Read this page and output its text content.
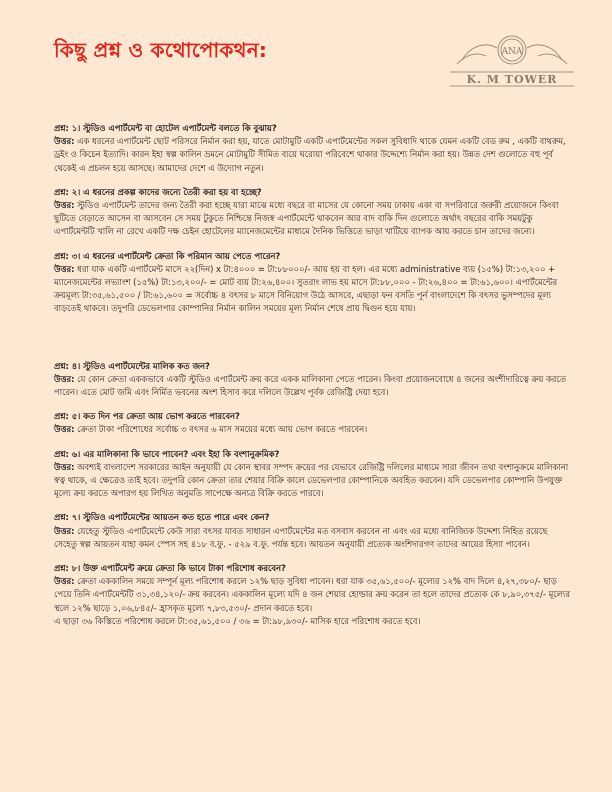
কিছু প্রশ্ন ও কথোপোকথন:	ANA
K. M TOWER

প্রশ্ন: ১। স্টুডিও এপার্টমেন্ট বা হোটেল এপার্টমেন্ট বলতে কি বুঝায়?

উত্তর: এক ধরনের এপার্টমেন্ট ছোট পরিসরে নির্মান করা হয়, যাতে মোটামুটি একটি এপার্টমেন্টের সকল সুবিধাদি থাকে যেমন একটি বেড রুম , একটি বাথরুম, ড্রইং ও কিচেন ইত্যাদি। কারন ইহা স্বল্প কালিন ভ্রমনে মোটামুটি সীমিত ব্যয়ে ঘরোয়া পরিবেশে থাকার উদ্দেশ্যে নির্মান করা হয়। উন্নত দেশ গুলোতে বহু পূর্ব থেকেই এ প্রচলন হয়ে আসছে। আমাদের দেশে এ উদ্যোগ নতুন।

প্রশ্ন: ২। এ ধরনের প্রকল্প কাদের জন্যে তৈরী করা হয় বা হচ্ছে?

উত্তর: স্টুডিও এপার্টমেন্ট তাদের জন্য তৈরী করা হচ্ছে যারা মাঝে মধ্যে বছরে বা মাসের যে কোনো সময় ঢাকায় একা বা সপরিবারে জরুরী প্রয়োজনে কিংবা ছুটিতে বেড়াতে আসেন বা আসবেন সে সময় টুকুতে নিশ্চিন্তে নিজস্ব এপার্টমেন্টে থাকবেন আর বাদ বাকি দিন গুলোতে অর্থাৎ বছরের বাকি সময়টুকু এপার্টমেন্টটি খালি না রেখে একটি দক্ষ চেইন হোটেলের ম্যানেজমেন্টের মাধ্যমে দৈনিক ভিত্তিতে ভাড়া খাটিয়ে ব্যাপক আয় করতে চান তাদের জন্যে।

প্রশ্ন: ৩। এ ধরনের এপার্টমেন্ট ক্রেতা কি পরিমান আয় পেতে পারেন?

উত্তর: ধরা যাক একটি এপার্টমেন্ট মাসে ২২(দিন) x টা:৪০০০ = টা:৮৮০০০/- আয় হয় বা হল। এর মধ্যে administrative ব্যয় (১৫%) টা:১৩,২০০ + ম্যানেজমেন্টের লভ্যাংশ (১৫%) টা:১৩,২০০/- = মোট ব্যয় টা:২৬,৪০০। সুতরাং লাভ হয় মাসে টা:৮৮,০০০ - টা:২৬,৪০০ = টা:৬১,৬০০। এপার্টমেন্টের ক্রয়মূল্য টা:৩৫,৬১,৫০০ / টা:৬১,৬০০ = সর্বোচ্চ ৪ বৎসর ৮ মাসে বিনিয়োগ উঠে আসবে, এছাড়া ফন বসতি পূর্ন বাংলাদেশে কি বৎসর ভুসম্পদের মূল্য বাড়তেই থাকবে। তদুপরি ডেভেলপার কোম্পানির নির্মান কালিন সময়ের মূল্য নির্মান শেষে প্রায় দ্বিগুন হয়ে যায়।

প্রশ্ন: ৪। স্টুডিও এপার্টমেন্টের মালিক কত জন?

উত্তর: যে কোন ক্রেতা এককভাবে একটি স্টুডিও এপার্টমেন্ট ক্রয় করে একক মালিকানা পেতে পারেন। কিংবা প্রয়োজনবোধে ৪ জনের অংশীদারিত্বে ক্রয় করতে পারেন। এতে মোট জমি এবং নির্মিত ভবনের অংশ হিসাব করে দলিলে উল্লেখ পূর্বক রেজিষ্ট্রি দেয়া হবে।

প্রশ্ন: ৫। কত দিন পর ক্রেতা আয় ভোগ করতে পারবেন?

উত্তর: ক্রেতা টাকা পরিশোধের সর্বোচ্চ ৩ বৎসর ৬ মাস সময়ের মধ্যে আয় ভোগ করতে পারবেন।

প্রশ্ন: ৬। এর মালিকানা কি ভাবে পাবেন? এবং ইহা কি বংশানুক্রমিক?

উত্তর: অবশ্যই বাংলাদেশ সরকারের আইন অনুযায়ী যে কোন স্থাবর সম্পদ ক্রয়ের পর যেভাবে রেজিষ্ট্রি দলিলের মাধ্যমে সারা জীবন তথা বংশানুক্রমে মালিকানা স্বত্ব থাকে, এ ক্ষেত্রেও তাই হবে। তদুপরি কোন ক্রেতা তার শেয়ার বিক্রি কালে ডেভেলপার কোম্পানিকে অবহিত করবেন। যদি ডেভেলপার কোম্পানি উপযুক্ত মূল্যে ক্রয় করতে অপারগ হয় লিখিত অনুমতি সাপেক্ষে অন্যত্র বিক্রি করতে পারবে।

প্রশ্ন: ৭। স্টুডিও এপার্টমেন্টের আয়তন কত হতে পারে এবং কেন?

উত্তর: যেহেতু স্টুডিও এপার্টমেন্টে কেউ সারা বৎসর যাবত সাধারন এপার্টমেন্টের মত বসবাস করবেন না এবং এর মধ্যে বানিজ্যিক উদ্দেশ্য নিহিত রয়েছে সেহেতু স্বল্প আয়তন যাহা কমন স্পেস সহ ৪১৮ ব.ফু. - ৫২৯ ব.ফু. পর্যন্ত হবে। আয়তন অনুযায়ী প্রত্যেক অংশিদারগণ তাদের আয়ের হিস্যা পাবেন।

প্রশ্ন: ৮। উক্ত এপার্টমেন্ট ক্রয়ে ক্রেতা কি ভাবে টাকা পরিশোধ করবেন?

উত্তর: ক্রেতা এককালিন সময়ে সম্পূর্ন মূল্য পরিশোধ করলে ১২% ছাড় সুবিধা পাবেন। ধরা যাক ৩৫,৬১,৫০০/- মূল্যের ১২% বাদ দিলে ৪,২৭,৩৮০/- ছাড় পেয়ে তিনি এপার্টমেন্টটি ৩১,৩৪,১২০/- ক্রয় করবেন। এককালিন মূল্যে যদি ৪ জন শেয়ার হোল্ডার ক্রয় করেন তা হলে তাদের প্রত্যেক কে ৮,৯০,৩৭৫/- মূল্যের স্থলে ১২% ছাড়ে ১,০৬,৮৪৫/- হ্রাসকৃত মূল্যে ৭,৮৩,৫৩০/- প্রদান করতে হবে।

এ ছাড়া ৩৬ কিস্তিতে পরিশোধ করলে টা:৩৫,৬১,৫০০ / ৩৬ = টা:৯৮,৯৩০/- মাসিক হারে পরিশোধ করতে হবে।
